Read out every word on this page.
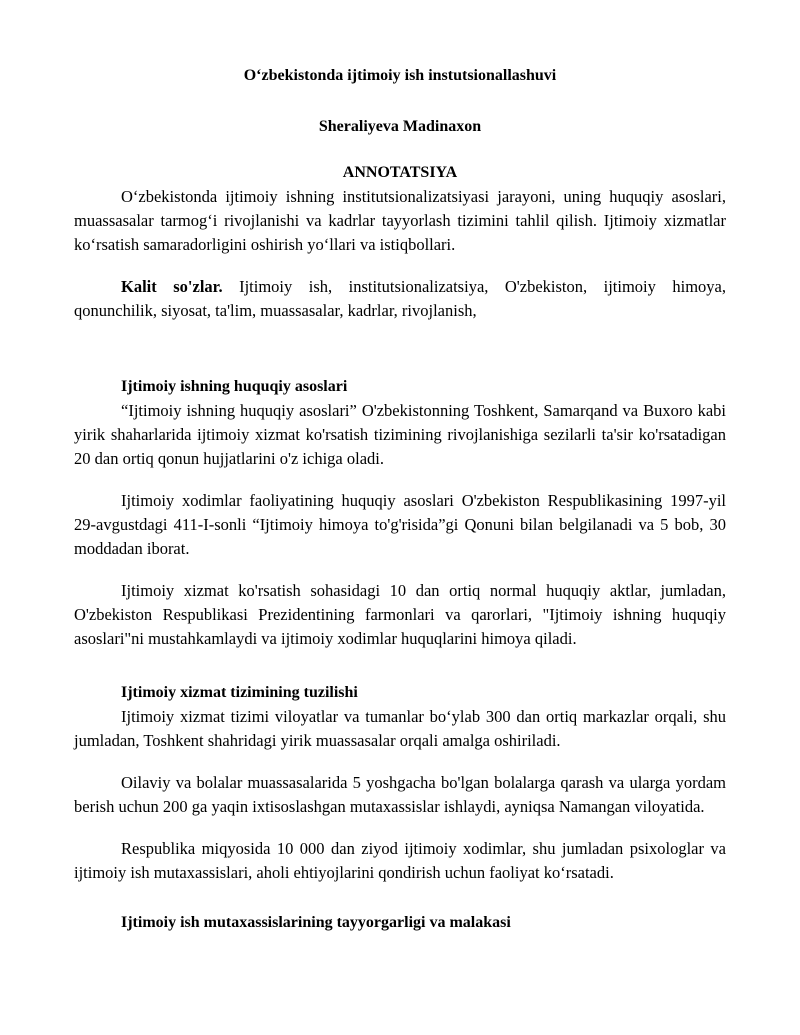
O‘zbekistonda ijtimoiy ish instutsionallashuvi
Sheraliyeva Madinaxon
ANNOTATSIYA

O‘zbekistonda ijtimoiy ishning institutsionalizatsiyasi jarayoni, uning huquqiy asoslari, muassasalar tarmog‘i rivojlanishi va kadrlar tayyorlash tizimini tahlil qilish. Ijtimoiy xizmatlar ko‘rsatish samaradorligini oshirish yo‘llari va istiqbollari.

Kalit so'zlar. Ijtimoiy ish, institutsionalizatsiya, O'zbekiston, ijtimoiy himoya, qonunchilik, siyosat, ta'lim, muassasalar, kadrlar, rivojlanish,

Ijtimoiy ishning huquqiy asoslari

“Ijtimoiy ishning huquqiy asoslari” O'zbekistonning Toshkent, Samarqand va Buxoro kabi yirik shaharlarida ijtimoiy xizmat ko'rsatish tizimining rivojlanishiga sezilarli ta'sir ko'rsatadigan 20 dan ortiq qonun hujjatlarini o'z ichiga oladi.

Ijtimoiy xodimlar faoliyatining huquqiy asoslari O'zbekiston Respublikasining 1997-yil 29-avgustdagi 411-I-sonli “Ijtimoiy himoya to'g'risida”gi Qonuni bilan belgilanadi va 5 bob, 30 moddadan iborat.

Ijtimoiy xizmat ko'rsatish sohasidagi 10 dan ortiq normal huquqiy aktlar, jumladan, O'zbekiston Respublikasi Prezidentining farmonlari va qarorlari, "Ijtimoiy ishning huquqiy asoslari"ni mustahkamlaydi va ijtimoiy xodimlar huquqlarini himoya qiladi.

Ijtimoiy xizmat tizimining tuzilishi

Ijtimoiy xizmat tizimi viloyatlar va tumanlar bo‘ylab 300 dan ortiq markazlar orqali, shu jumladan, Toshkent shahridagi yirik muassasalar orqali amalga oshiriladi.

Oilaviy va bolalar muassasalarida 5 yoshgacha bo'lgan bolalarga qarash va ularga yordam berish uchun 200 ga yaqin ixtisoslashgan mutaxassislar ishlaydi, ayniqsa Namangan viloyatida.

Respublika miqyosida 10 000 dan ziyod ijtimoiy xodimlar, shu jumladan psixologlar va ijtimoiy ish mutaxassislari, aholi ehtiyojlarini qondirish uchun faoliyat ko‘rsatadi.

Ijtimoiy ish mutaxassislarining tayyorgarligi va malakasi
